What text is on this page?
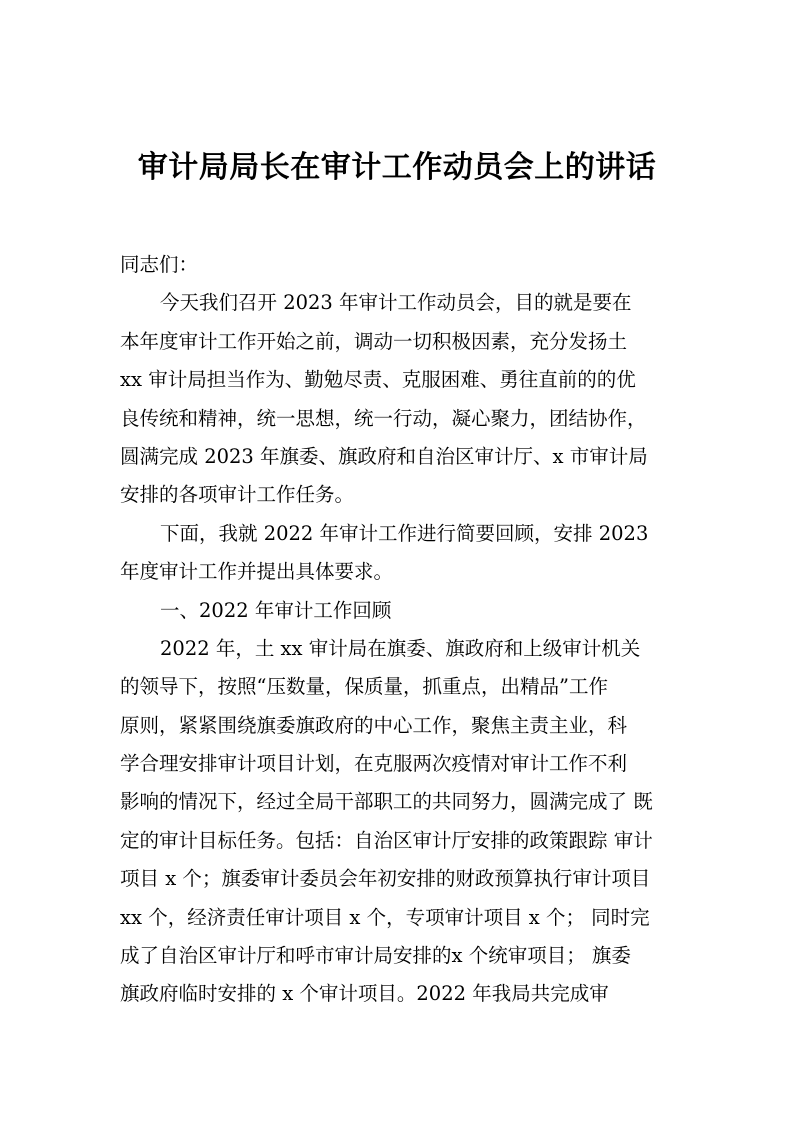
审计局局长在审计工作动员会上的讲话
同志们：
今天我们召开 2023 年审计工作动员会，目的就是要在
本年度审计工作开始之前，调动一切积极因素，充分发扬土
xx 审计局担当作为、勤勉尽责、克服困难、勇往直前的的优
良传统和精神，统一思想，统一行动，凝心聚力，团结协作，
圆满完成 2023 年旗委、旗政府和自治区审计厅、x 市审计局
安排的各项审计工作任务。
下面，我就 2022 年审计工作进行简要回顾，安排 2023
年度审计工作并提出具体要求。
一、2022 年审计工作回顾
2022 年，土 xx 审计局在旗委、旗政府和上级审计机关
的领导下，按照“压数量，保质量，抓重点，出精品”工作
原则，紧紧围绕旗委旗政府的中心工作，聚焦主责主业，科
学合理安排审计项目计划，在克服两次疫情对审计工作不利
影响的情况下，经过全局干部职工的共同努力，圆满完成了 既
定的审计目标任务。包括：自治区审计厅安排的政策跟踪 审计
项目 x 个；旗委审计委员会年初安排的财政预算执行审计项目
xx 个，经济责任审计项目 x 个，专项审计项目 x 个； 同时完
成了自治区审计厅和呼市审计局安排的x 个统审项目； 旗委
旗政府临时安排的 x 个审计项目。2022 年我局共完成审
